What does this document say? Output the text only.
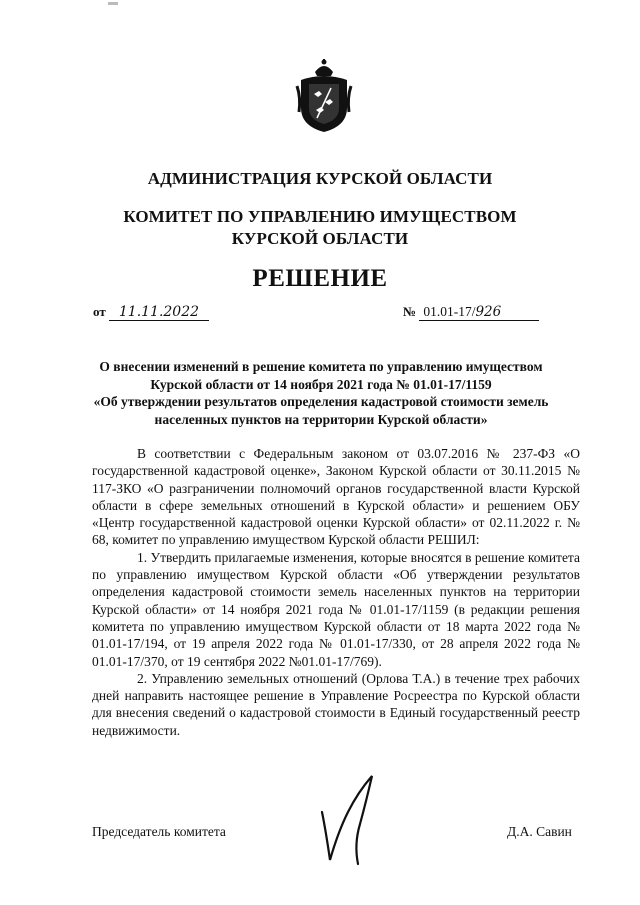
АДМИНИСТРАЦИЯ КУРСКОЙ ОБЛАСТИ
КОМИТЕТ ПО УПРАВЛЕНИЮ ИМУЩЕСТВОМ
КУРСКОЙ ОБЛАСТИ
РЕШЕНИЕ
от 11.11.2022	№ 01.01-17/926
О внесении изменений в решение комитета по управлению имуществом
Курской области от 14 ноября 2021 года № 01.01-17/1159
«Об утверждении результатов определения кадастровой стоимости земель
населенных пунктов на территории Курской области»

В соответствии с Федеральным законом от 03.07.2016 № 237-ФЗ «О государственной кадастровой оценке», Законом Курской области от 30.11.2015 № 117-ЗКО «О разграничении полномочий органов государственной власти Курской области в сфере земельных отношений в Курской области» и решением ОБУ «Центр государственной кадастровой оценки Курской области» от 02.11.2022 г. № 68, комитет по управлению имуществом Курской области РЕШИЛ:

1. Утвердить прилагаемые изменения, которые вносятся в решение комитета по управлению имуществом Курской области «Об утверждении результатов определения кадастровой стоимости земель населенных пунктов на территории Курской области» от 14 ноября 2021 года № 01.01-17/1159 (в редакции решения комитета по управлению имуществом Курской области от 18 марта 2022 года № 01.01-17/194, от 19 апреля 2022 года № 01.01-17/330, от 28 апреля 2022 года № 01.01-17/370, от 19 сентября 2022 №01.01-17/769).

2. Управлению земельных отношений (Орлова Т.А.) в течение трех рабочих дней направить настоящее решение в Управление Росреестра по Курской области для внесения сведений о кадастровой стоимости в Единый государственный реестр недвижимости.

Председатель комитета	Д.А. Савин
